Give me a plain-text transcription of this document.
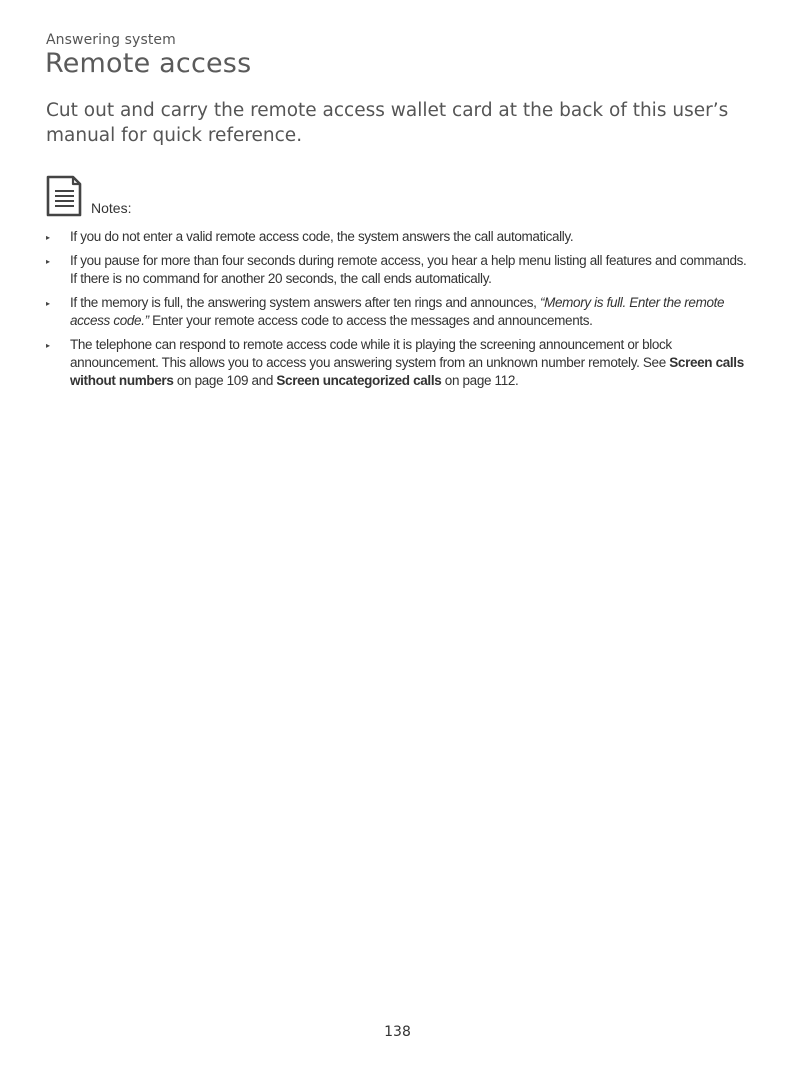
Answering system
Remote access

Cut out and carry the remote access wallet card at the back of this user’s manual for quick reference.

Notes:
▸ If you do not enter a valid remote access code, the system answers the call automatically.
▸ If you pause for more than four seconds during remote access, you hear a help menu listing all features and commands. If there is no command for another 20 seconds, the call ends automatically.
▸ If the memory is full, the answering system answers after ten rings and announces, “Memory is full. Enter the remote access code.” Enter your remote access code to access the messages and announcements.
▸ The telephone can respond to remote access code while it is playing the screening announcement or block announcement. This allows you to access you answering system from an unknown number remotely. See Screen calls without numbers on page 109 and Screen uncategorized calls on page 112.
138
